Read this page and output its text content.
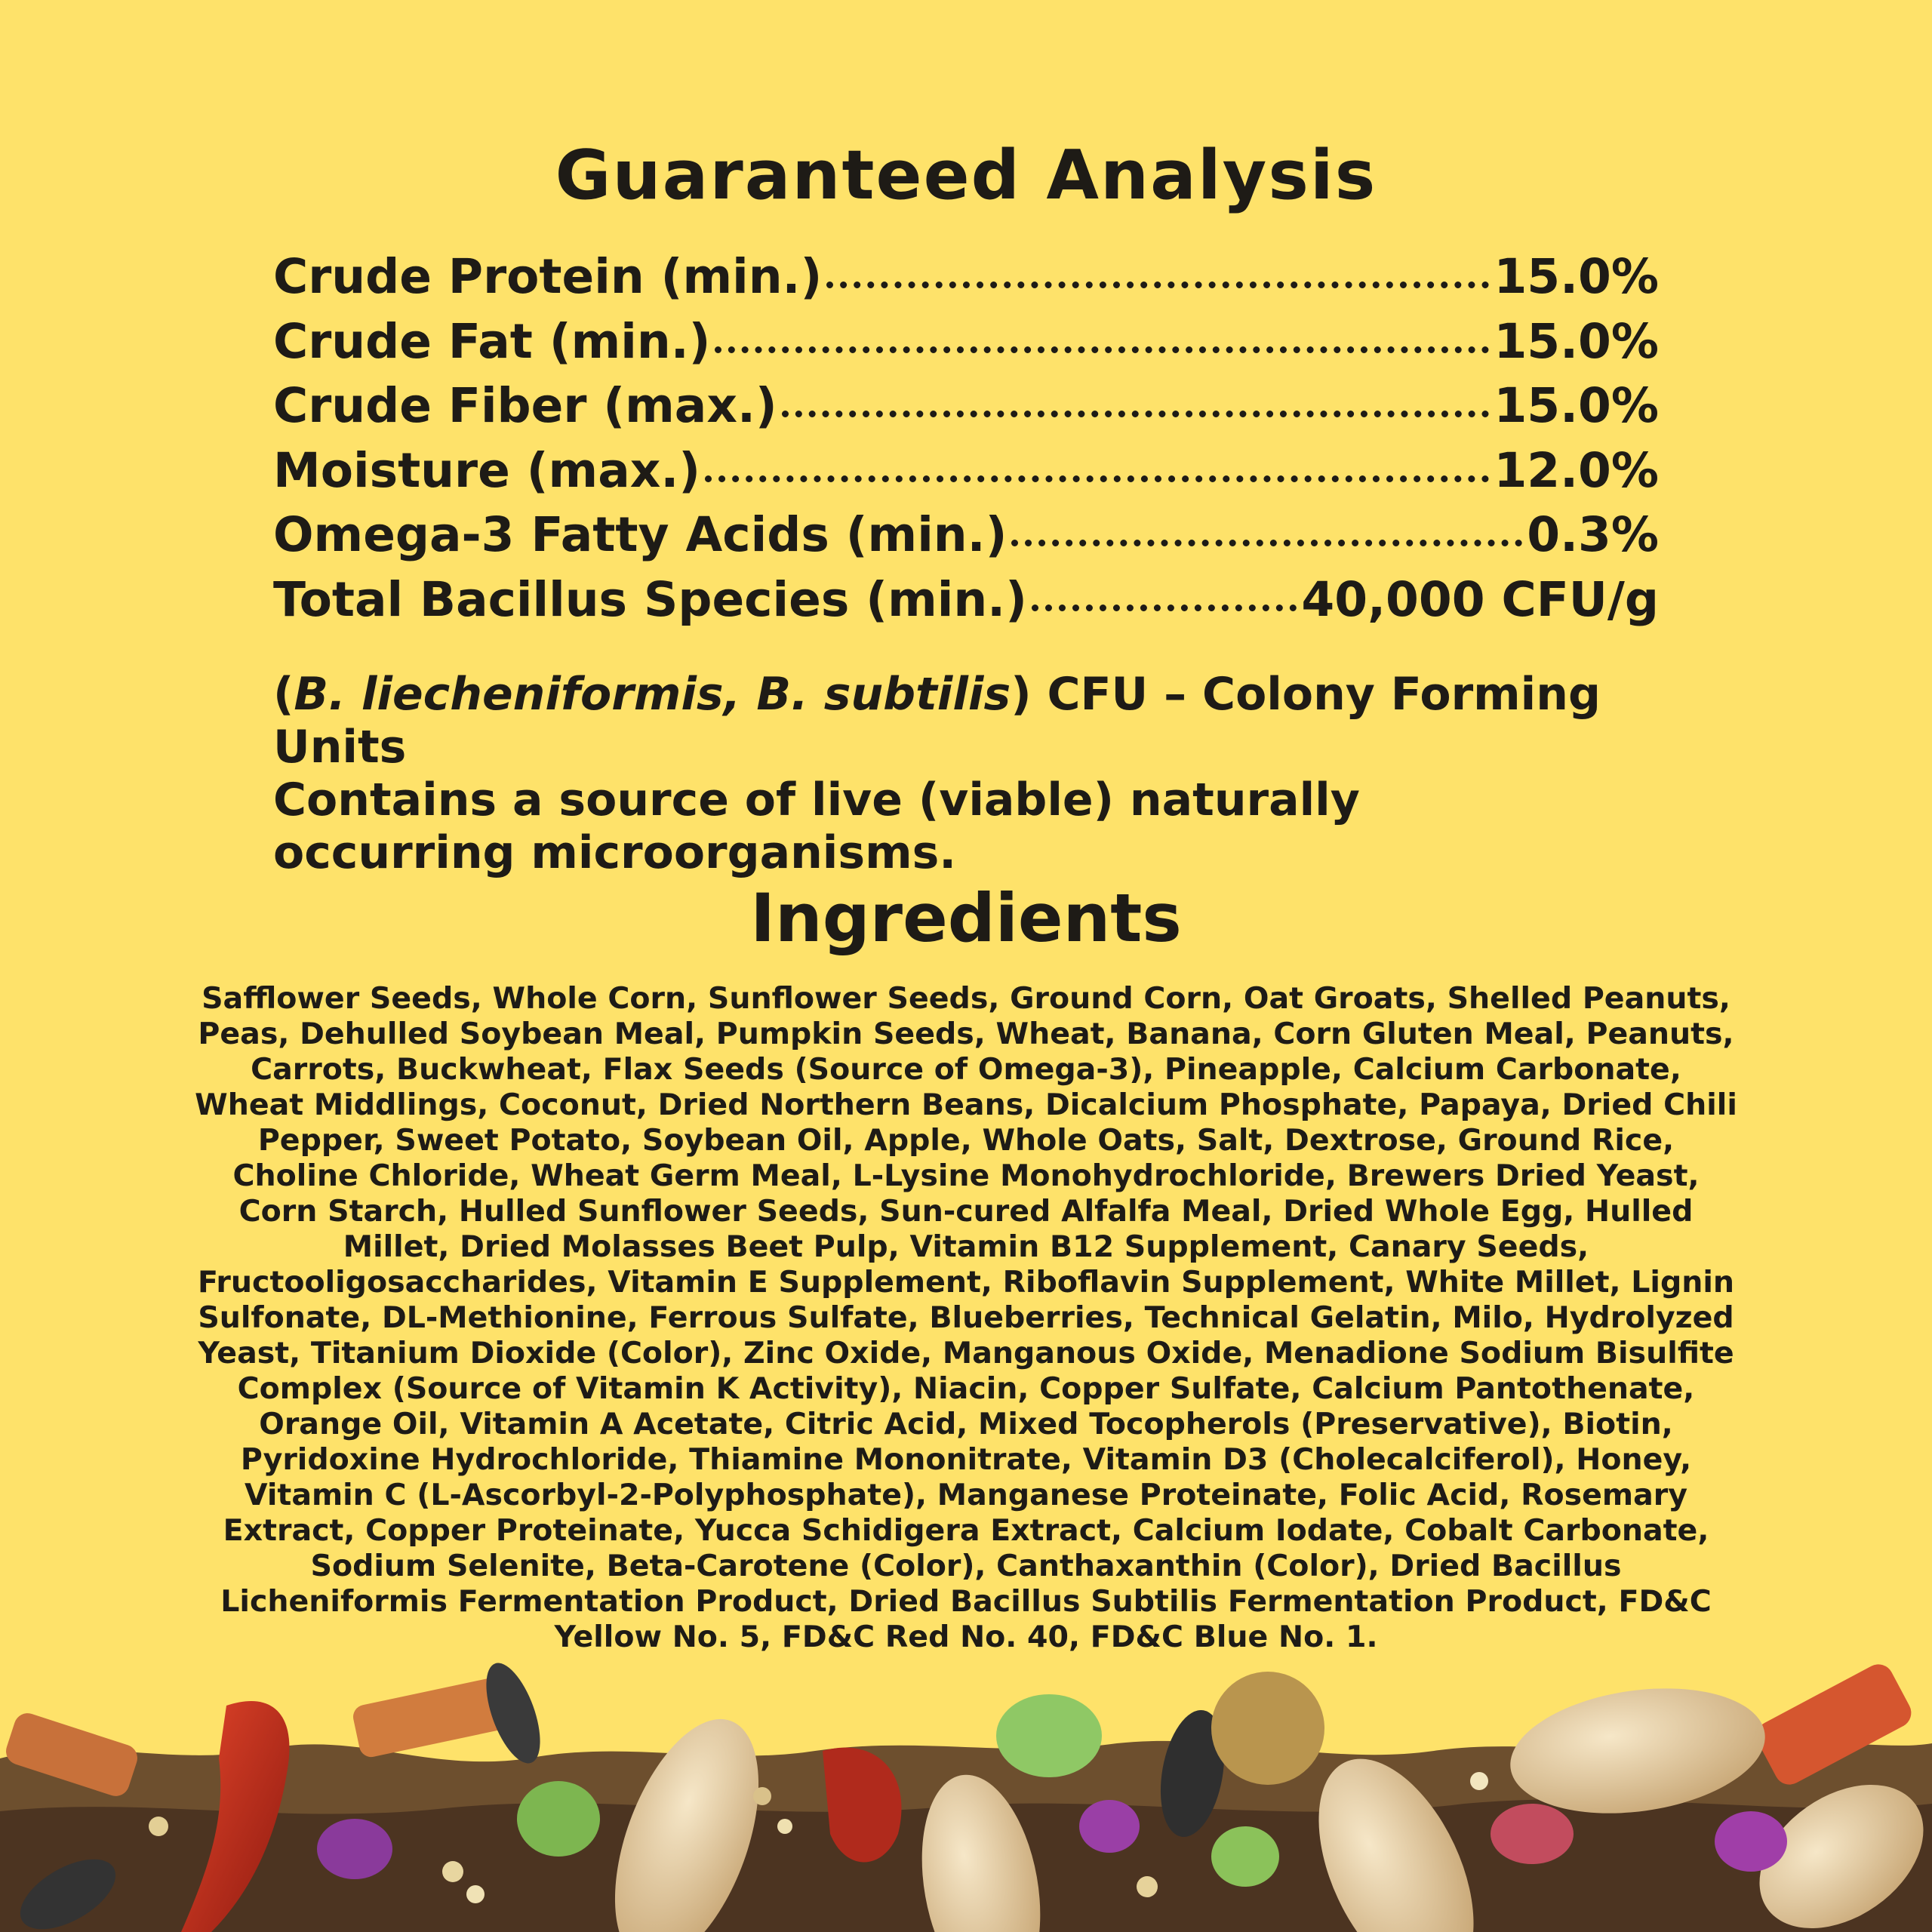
Guaranteed Analysis
Crude Protein (min.)	15.0%
Crude Fat (min.)	15.0%
Crude Fiber (max.)	15.0%
Moisture (max.)	12.0%
Omega-3 Fatty Acids (min.)	0.3%
Total Bacillus Species (min.)	40,000 CFU/g
(B. liecheniformis, B. subtilis) CFU – Colony Forming Units
Contains a source of live (viable) naturally
occurring microorganisms.
Ingredients
Safflower Seeds, Whole Corn, Sunflower Seeds, Ground Corn, Oat Groats, Shelled Peanuts, Peas, Dehulled Soybean Meal, Pumpkin Seeds, Wheat, Banana, Corn Gluten Meal, Peanuts, Carrots, Buckwheat, Flax Seeds (Source of Omega-3), Pineapple, Calcium Carbonate, Wheat Middlings, Coconut, Dried Northern Beans, Dicalcium Phosphate, Papaya, Dried Chili Pepper, Sweet Potato, Soybean Oil, Apple, Whole Oats, Salt, Dextrose, Ground Rice, Choline Chloride, Wheat Germ Meal, L-Lysine Monohydrochloride, Brewers Dried Yeast, Corn Starch, Hulled Sunflower Seeds, Sun-cured Alfalfa Meal, Dried Whole Egg, Hulled Millet, Dried Molasses Beet Pulp, Vitamin B12 Supplement, Canary Seeds, Fructooligosaccharides, Vitamin E Supplement, Riboflavin Supplement, White Millet, Lignin Sulfonate, DL-Methionine, Ferrous Sulfate, Blueberries, Technical Gelatin, Milo, Hydrolyzed Yeast, Titanium Dioxide (Color), Zinc Oxide, Manganous Oxide, Menadione Sodium Bisulfite Complex (Source of Vitamin K Activity), Niacin, Copper Sulfate, Calcium Pantothenate, Orange Oil, Vitamin A Acetate, Citric Acid, Mixed Tocopherols (Preservative), Biotin, Pyridoxine Hydrochloride, Thiamine Mononitrate, Vitamin D3 (Cholecalciferol), Honey, Vitamin C (L-Ascorbyl-2-Polyphosphate), Manganese Proteinate, Folic Acid, Rosemary Extract, Copper Proteinate, Yucca Schidigera Extract, Calcium Iodate, Cobalt Carbonate, Sodium Selenite, Beta-Carotene (Color), Canthaxanthin (Color), Dried Bacillus Licheniformis Fermentation Product, Dried Bacillus Subtilis Fermentation Product, FD&C Yellow No. 5, FD&C Red No. 40, FD&C Blue No. 1.
